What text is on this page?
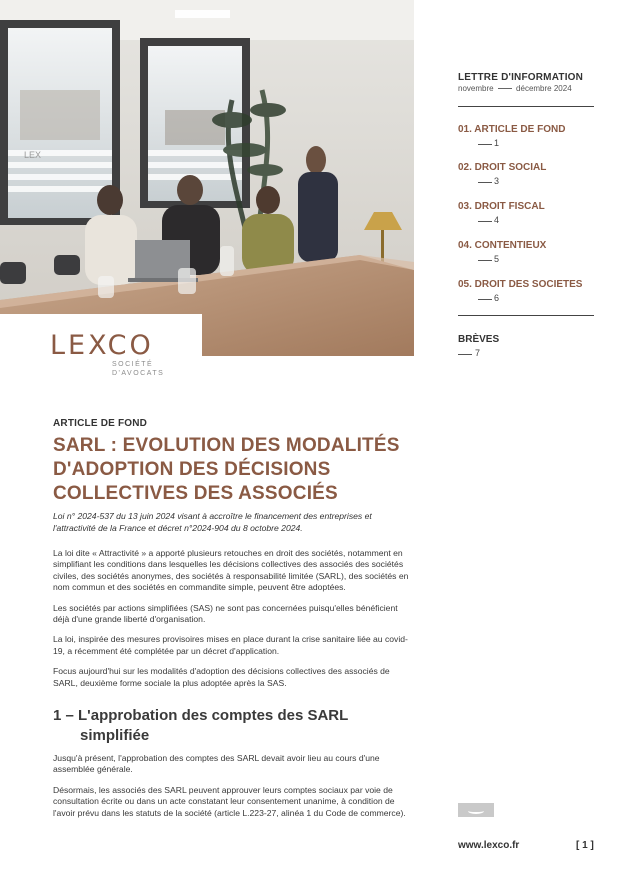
LEX
LEXCO
SOCIÉTÉ
D'AVOCATS
LETTRE D'INFORMATION
novembre	décembre 2024
01. ARTICLE DE FOND
1
02. DROIT SOCIAL
3
03. DROIT FISCAL
4
04. CONTENTIEUX
5
05. DROIT DES SOCIETES
6
BRÈVES
7
www.lexco.fr	[ 1 ]
ARTICLE DE FOND
SARL : EVOLUTION DES MODALITÉS D'ADOPTION DES DÉCISIONS COLLECTIVES DES ASSOCIÉS
Loi n° 2024-537 du 13 juin 2024 visant à accroître le financement des entreprises et l'attractivité de la France et décret n°2024-904 du 8 octobre 2024.

La loi dite « Attractivité » a apporté plusieurs retouches en droit des sociétés, notamment en simplifiant les conditions dans lesquelles les décisions collectives des associés des sociétés civiles, des sociétés anonymes, des sociétés à responsabilité limitée (SARL), des sociétés en nom commun et des sociétés en commandite simple, peuvent être adoptées.

Les sociétés par actions simplifiées (SAS) ne sont pas concernées puisqu'elles bénéficient déjà d'une grande liberté d'organisation.

La loi, inspirée des mesures provisoires mises en place durant la crise sanitaire liée au covid-19, a récemment été complétée par un décret d'application.

Focus aujourd'hui sur les modalités d'adoption des décisions collectives des associés de SARL, deuxième forme sociale la plus adoptée après la SAS.

1 – L'approbation des comptes des SARL
simplifiée

Jusqu'à présent, l'approbation des comptes des SARL devait avoir lieu au cours d'une assemblée générale.

Désormais, les associés des SARL peuvent approuver leurs comptes sociaux par voie de consultation écrite ou dans un acte constatant leur consentement unanime, à condition de l'avoir prévu dans les statuts de la société (article L.223-27, alinéa 1 du Code de commerce).
